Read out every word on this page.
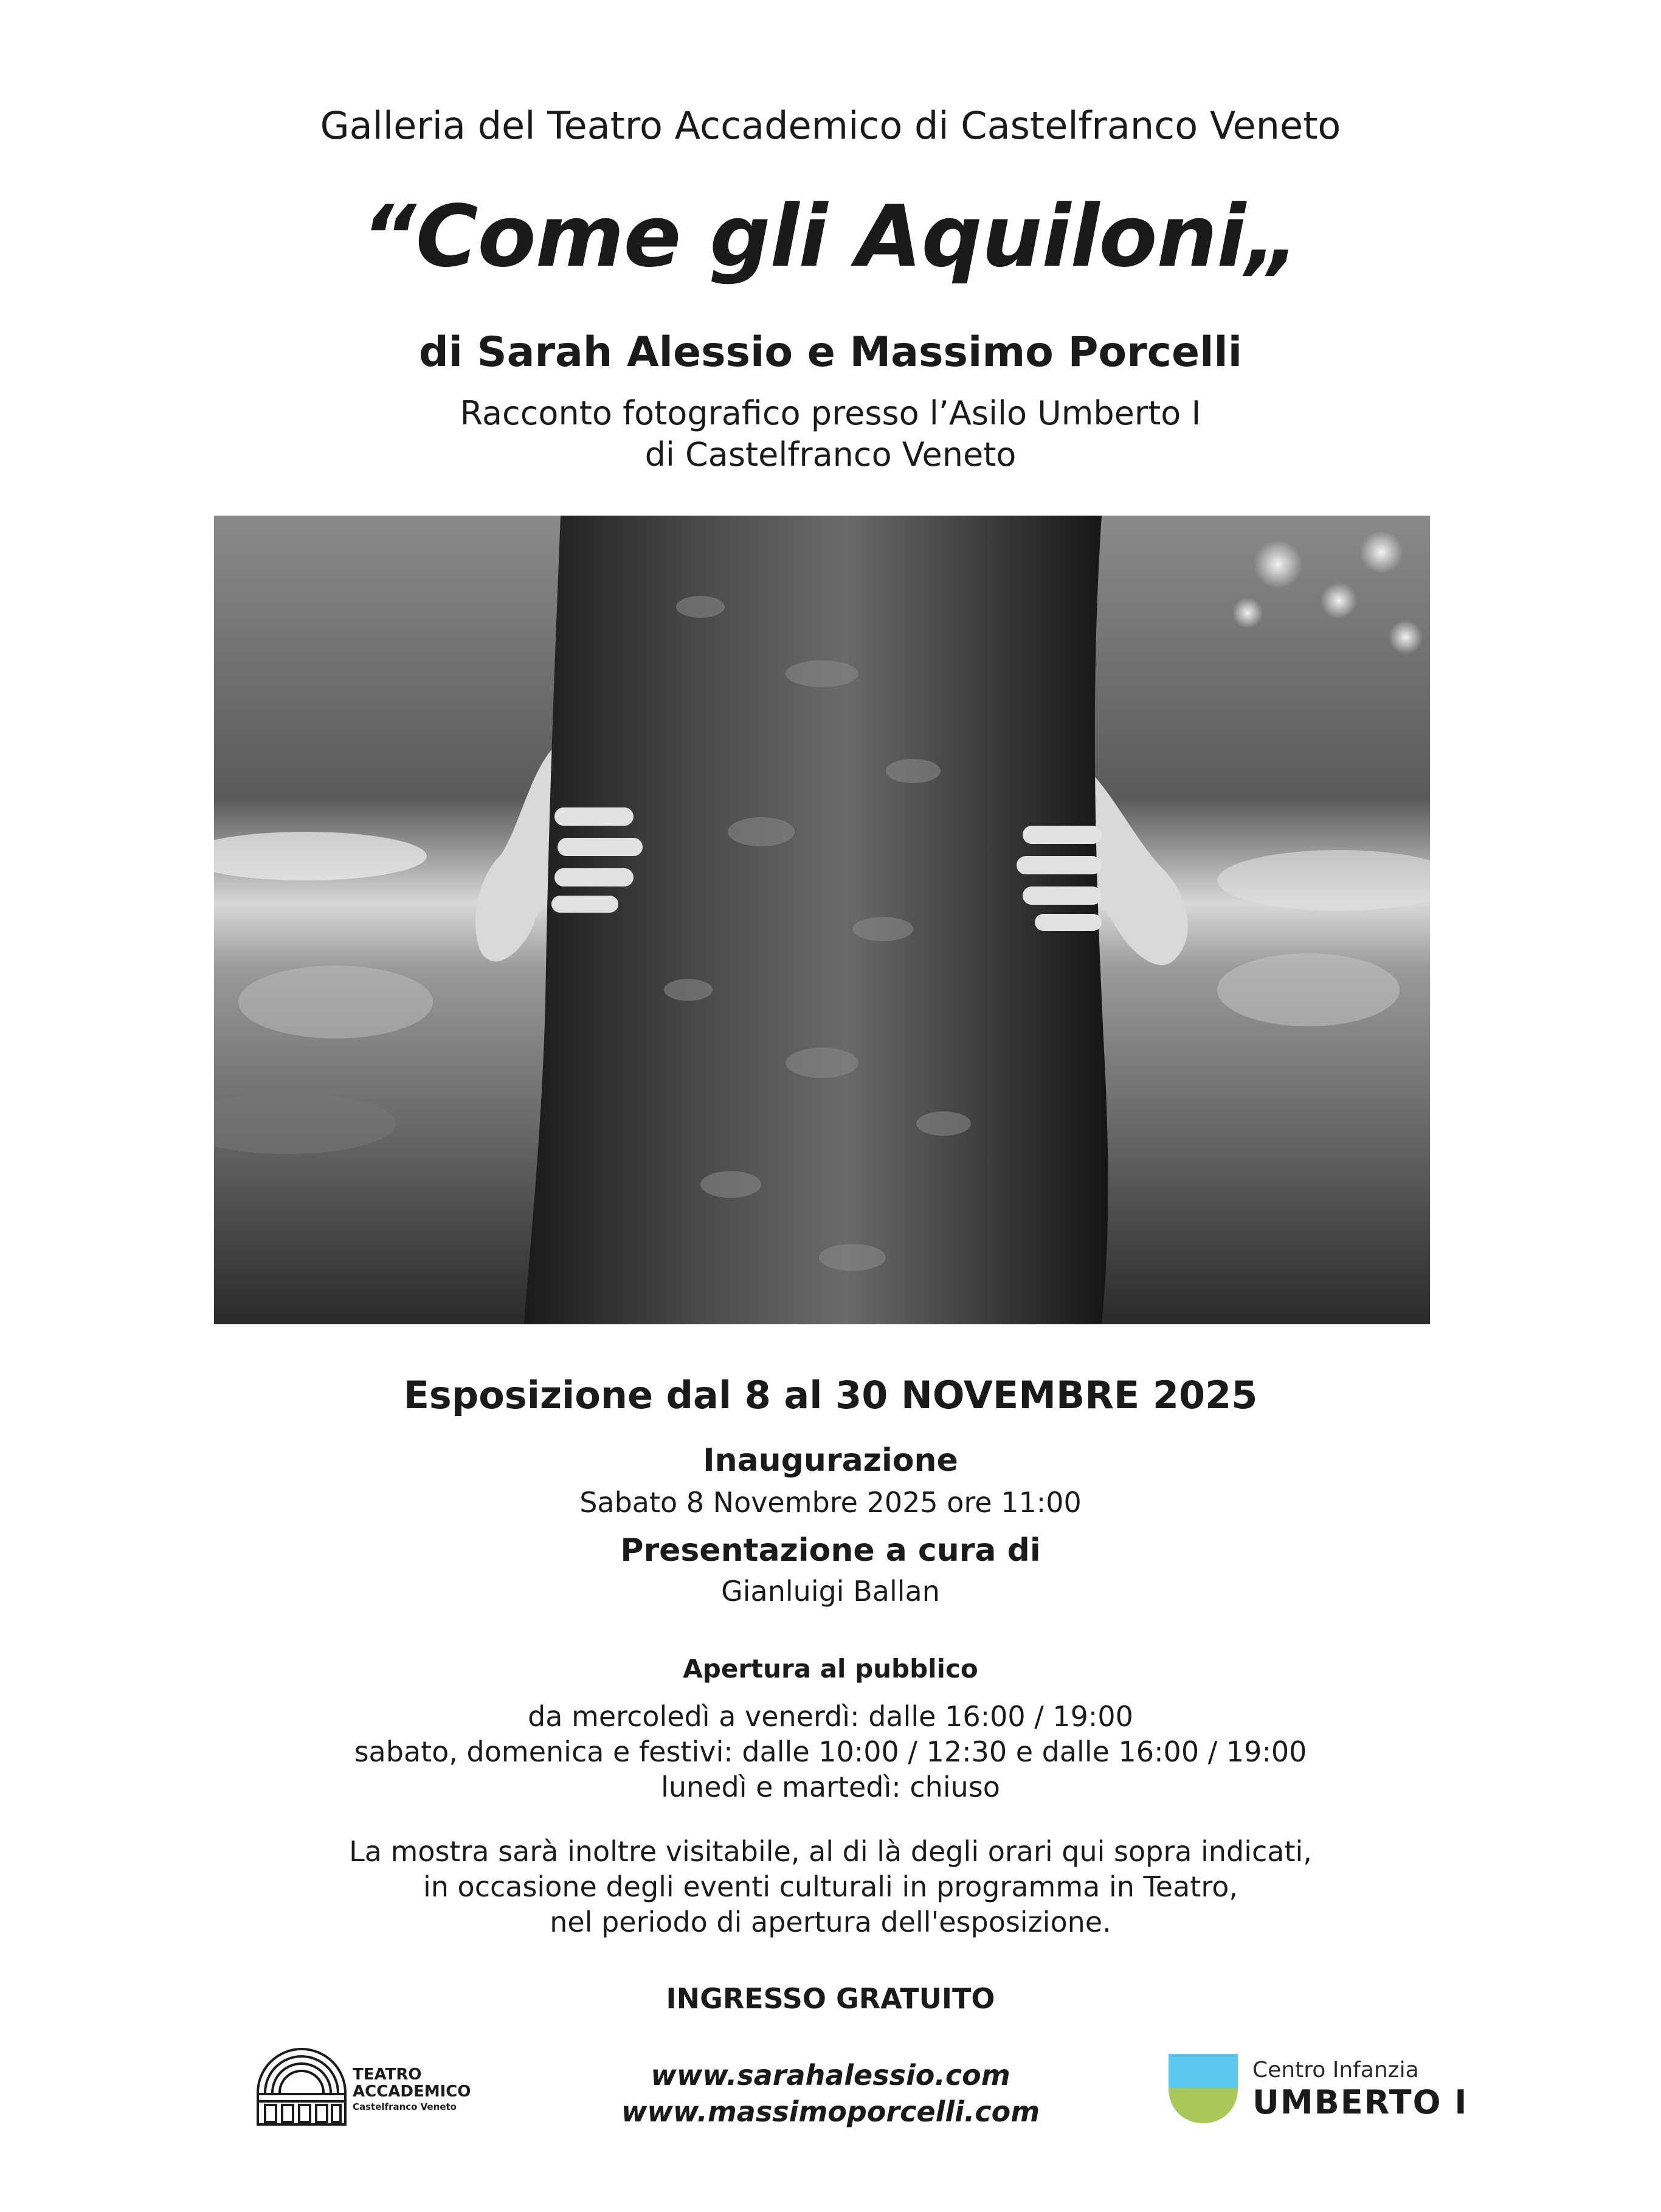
Galleria del Teatro Accademico di Castelfranco Veneto
“Come gli Aquiloni„
di Sarah Alessio e Massimo Porcelli
Racconto fotografico presso l’Asilo Umberto I
di Castelfranco Veneto
Esposizione dal 8 al 30 NOVEMBRE 2025
Inaugurazione
Sabato 8 Novembre 2025 ore 11:00
Presentazione a cura di
Gianluigi Ballan
Apertura al pubblico
da mercoledì a venerdì: dalle 16:00 / 19:00
sabato, domenica e festivi: dalle 10:00 / 12:30 e dalle 16:00 / 19:00
lunedì e martedì: chiuso
La mostra sarà inoltre visitabile, al di là degli orari qui sopra indicati,
in occasione degli eventi culturali in programma in Teatro,
nel periodo di apertura dell'esposizione.
INGRESSO GRATUITO
www.sarahalessio.com
www.massimoporcelli.com
TEATRO
ACCADEMICO
Castelfranco Veneto
Centro Infanzia
UMBERTO I
